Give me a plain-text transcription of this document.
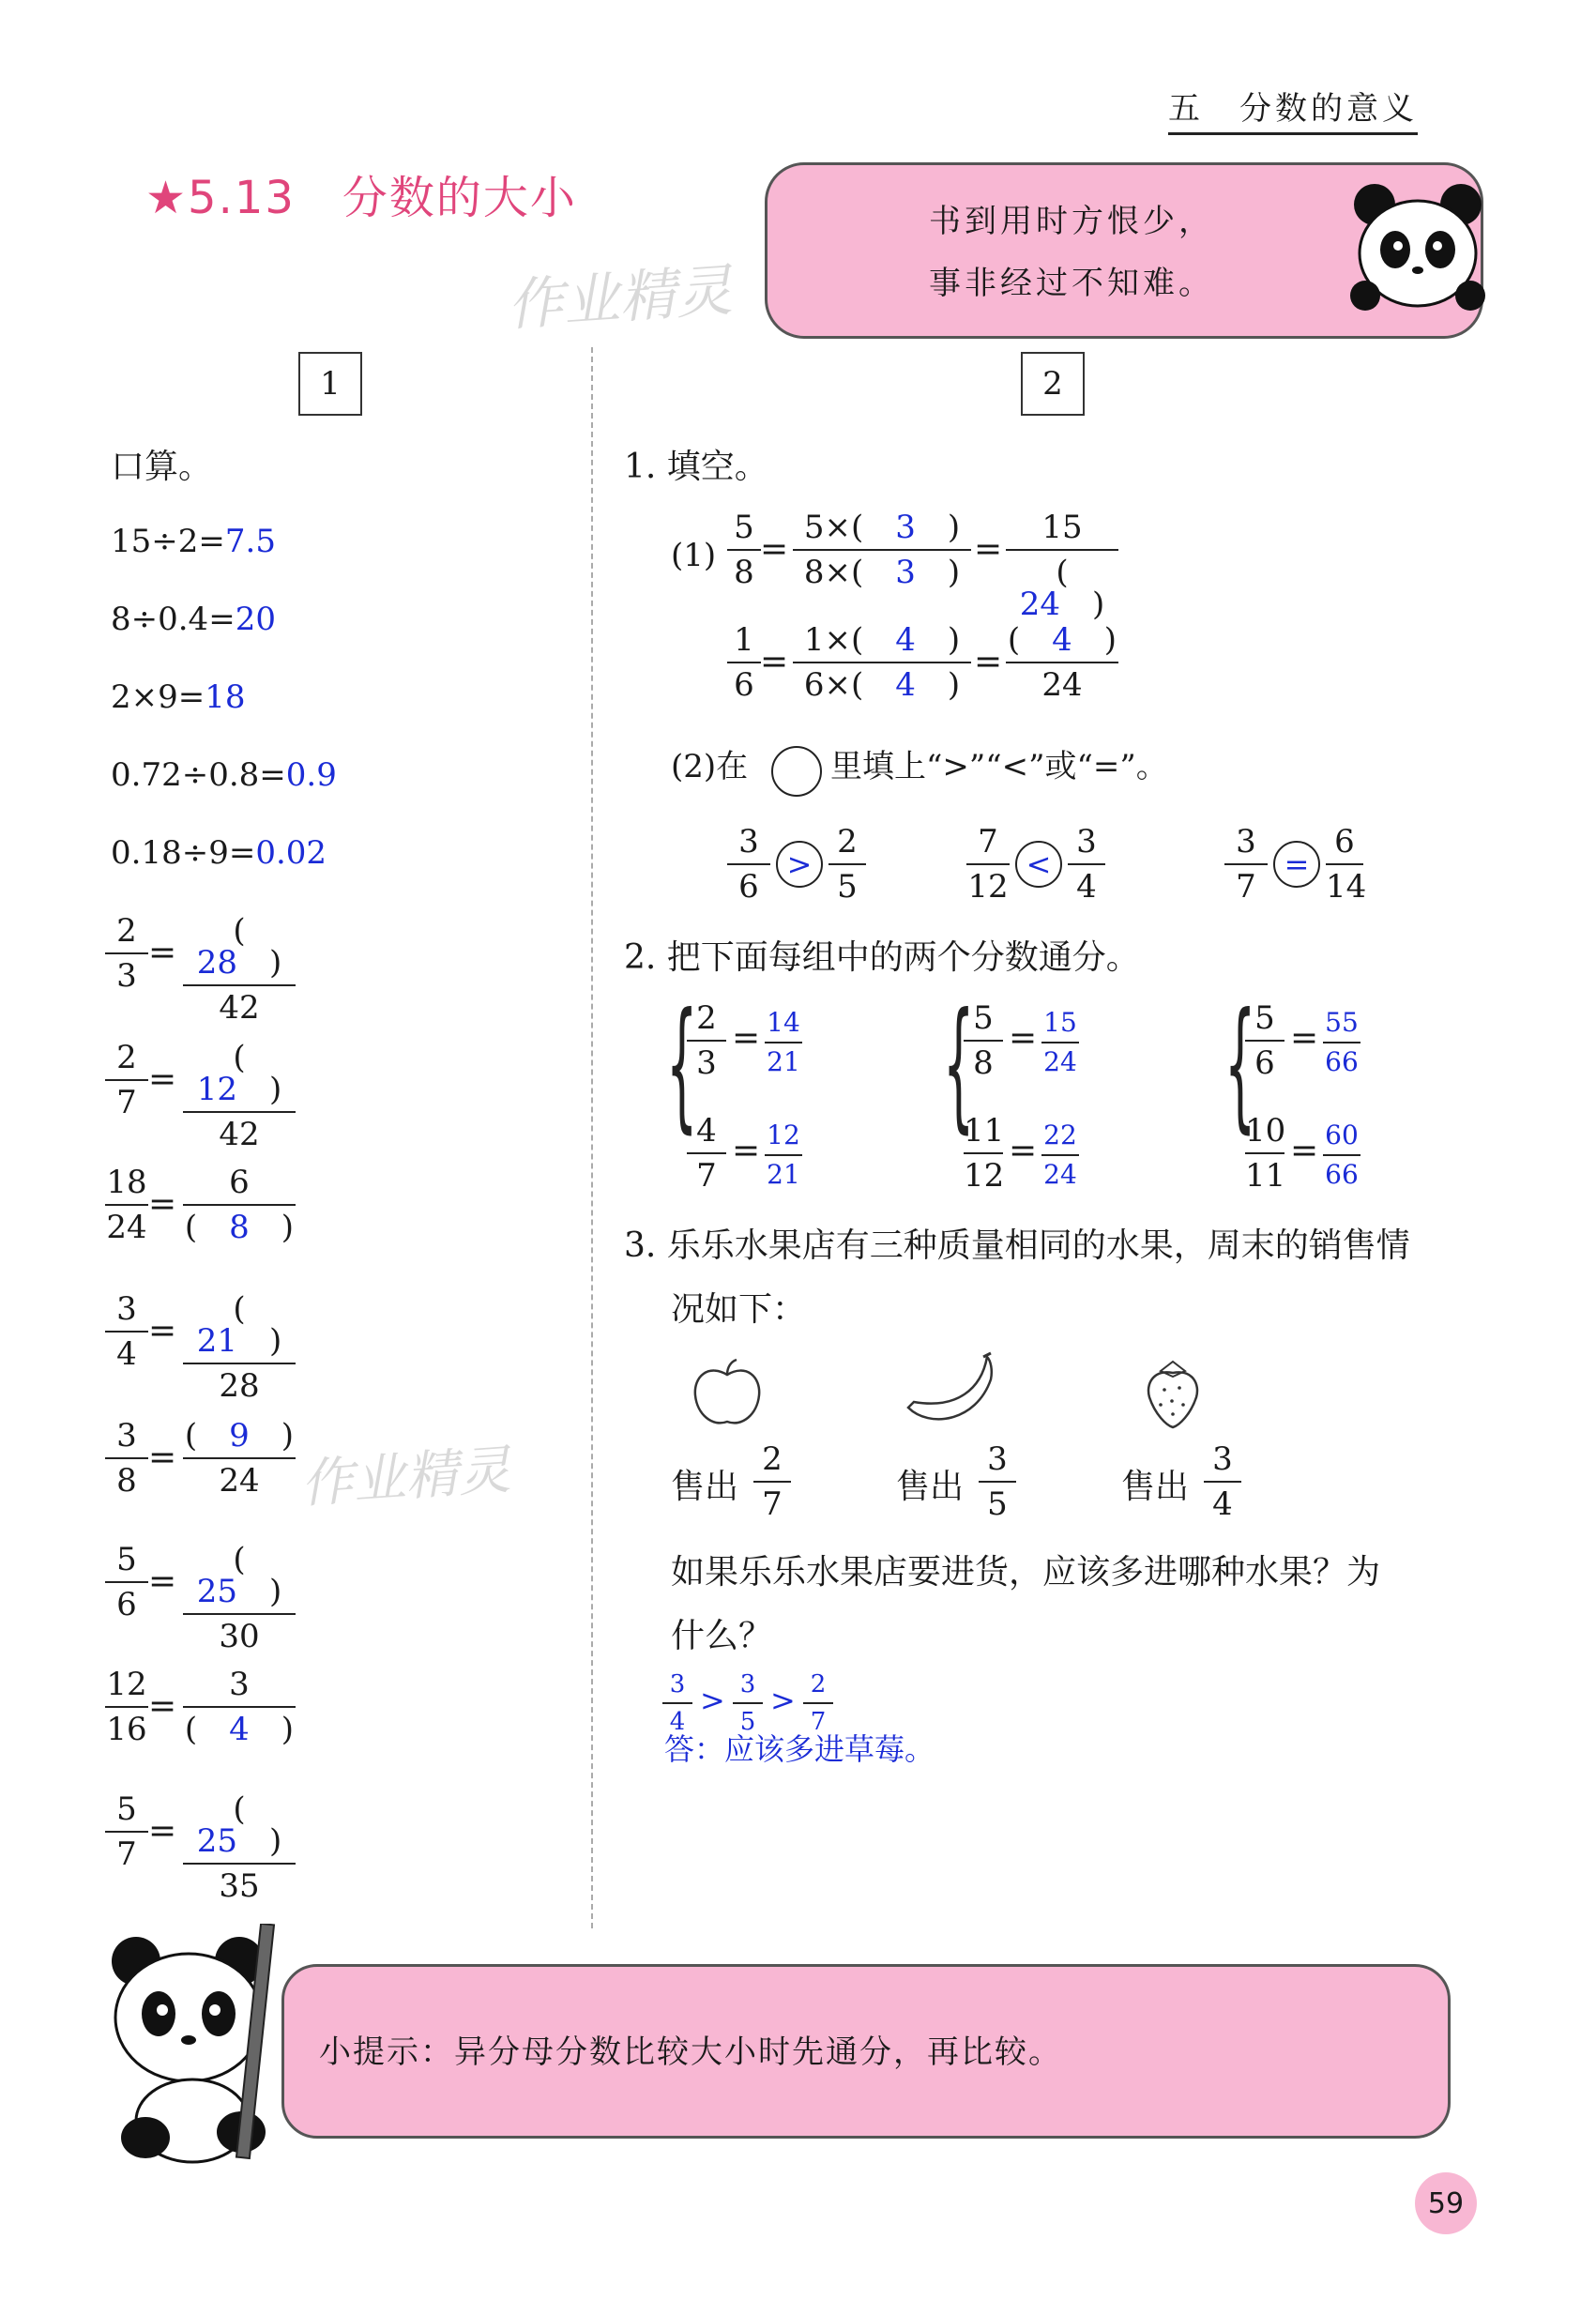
五　分数的意义
★5.13　分数的大小
作业精灵
书到用时方恨少，
事非经过不知难。
1	2
口算。
15÷2=7.5
8÷0.4=20
2×9=18
0.72÷0.8=0.9
0.18÷9=0.02
$\frac{2}{3} = \frac{( 28 )}{42}$
$\frac{2}{7} = \frac{( 12 )}{42}$
$\frac{18}{24} = \frac{6}{( 8 )}$
$\frac{3}{4} = \frac{( 21 )}{28}$
$\frac{3}{8} = \frac{( 9 )}{24}$
$\frac{5}{6} = \frac{( 25 )}{30}$
$\frac{12}{16} = \frac{3}{( 4 )}$
$\frac{5}{7} = \frac{( 25 )}{35}$
作业精灵
1. 填空。
$(1) \frac{5}{8} = \frac{5\times( 3 )}{8\times( 3 )} = \frac{15}{( 24 )}$
$\frac{1}{6} = \frac{1\times( 4 )}{6\times( 4 )} = \frac{( 4 )}{24}$
(2)在	里填上“>”“<”或“=”。
$\frac{3}{6} > \frac{2}{5}$	$\frac{7}{12} < \frac{3}{4}$	$\frac{3}{7} = \frac{6}{14}$
2. 把下面每组中的两个分数通分。
{
$\frac{2}{3} = \frac{14}{21}$
$\frac{4}{7} = \frac{12}{21}$
{
$\frac{5}{8} = \frac{15}{24}$
$\frac{11}{12} = \frac{22}{24}$
{
$\frac{5}{6} = \frac{55}{66}$
$\frac{10}{11} = \frac{60}{66}$
3. 乐乐水果店有三种质量相同的水果，周末的销售情
况如下：
售出 $\frac{2}{7}$	售出 $\frac{3}{5}$	售出 $\frac{3}{4}$
如果乐乐水果店要进货，应该多进哪种水果？为
什么？
$\frac{3}{4} > \frac{3}{5} > \frac{2}{7}$
答：应该多进草莓。
小提示：异分母分数比较大小时先通分，再比较。
59
